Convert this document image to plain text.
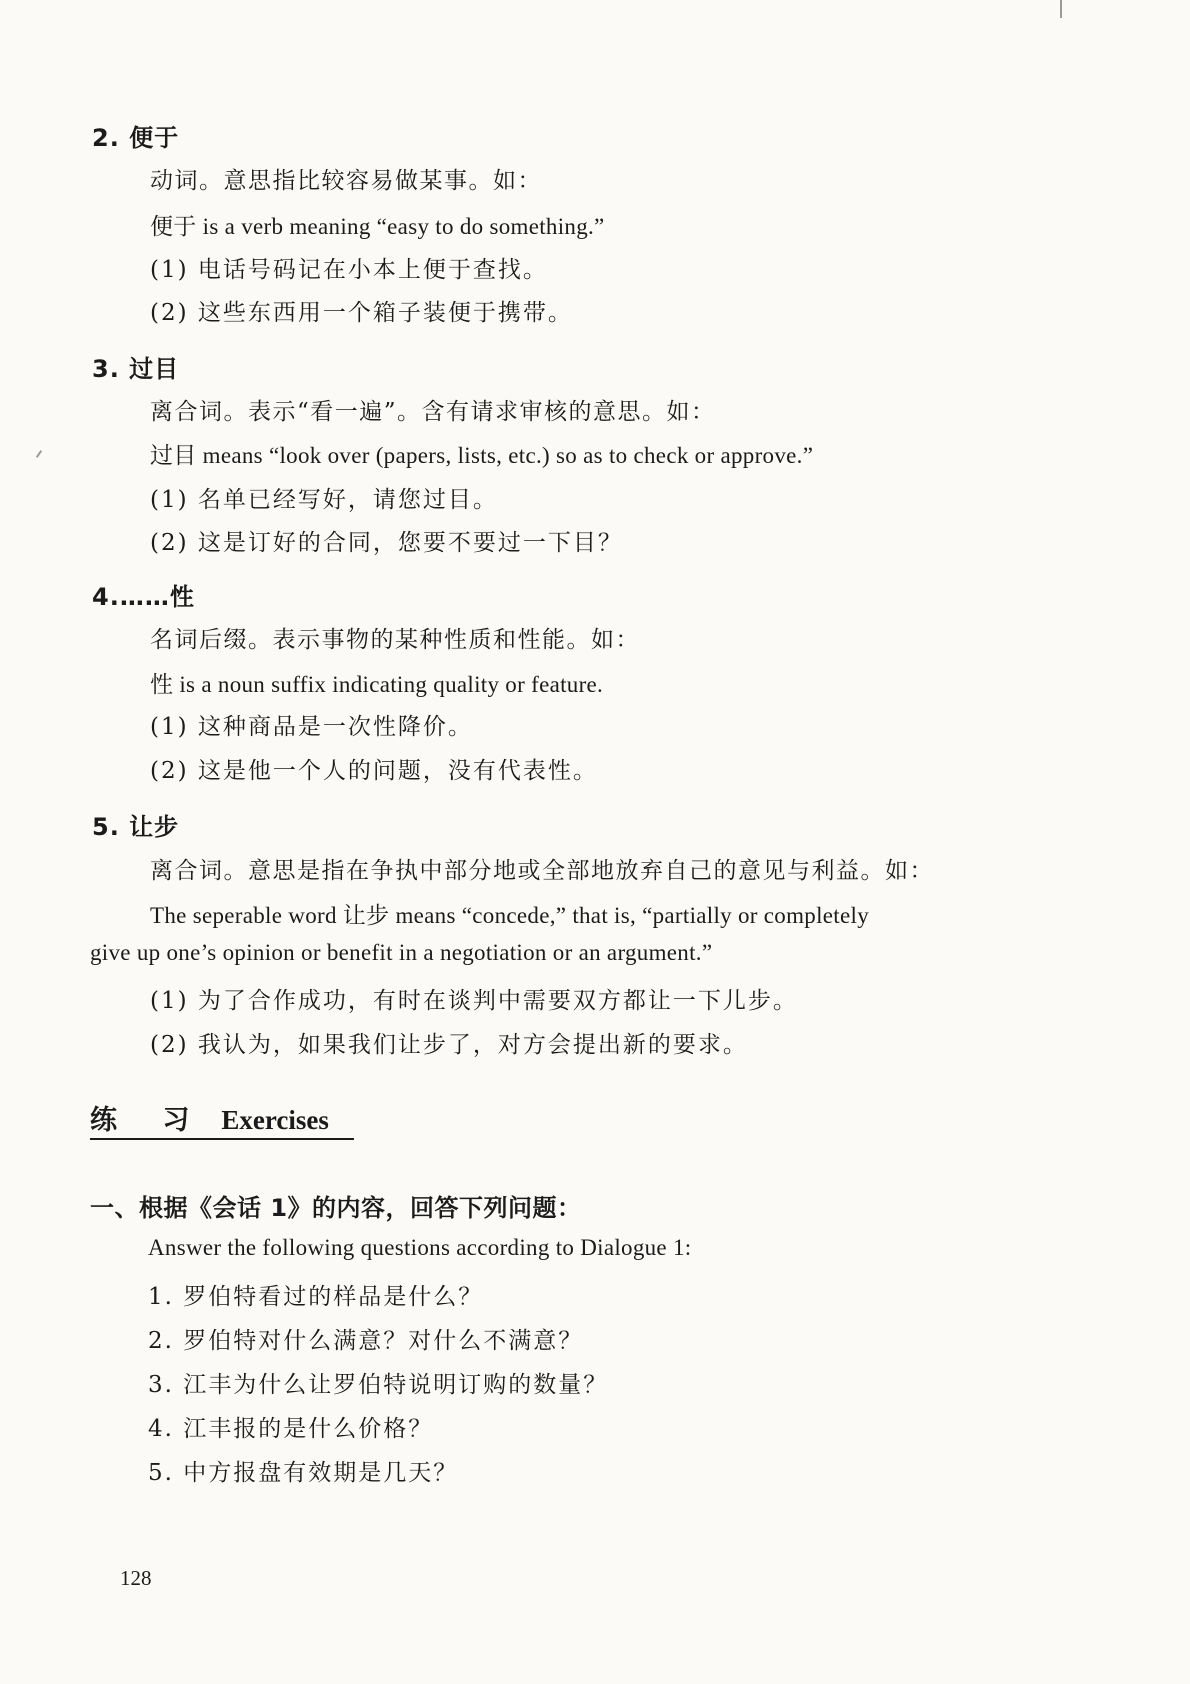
2. 便于
动词。意思指比较容易做某事。如：
便于 is a verb meaning “easy to do something.”
(1) 电话号码记在小本上便于查找。
(2) 这些东西用一个箱子装便于携带。
3. 过目
离合词。表示“看一遍”。含有请求审核的意思。如：
过目 means “look over (papers, lists, etc.) so as to check or approve.”
(1) 名单已经写好，请您过目。
(2) 这是订好的合同，您要不要过一下目？
4.……性
名词后缀。表示事物的某种性质和性能。如：
性 is a noun suffix indicating quality or feature.
(1) 这种商品是一次性降价。
(2) 这是他一个人的问题，没有代表性。
5. 让步
离合词。意思是指在争执中部分地或全部地放弃自己的意见与利益。如：
The seperable word 让步 means “concede,” that is, “partially or completely
give up one’s opinion or benefit in a negotiation or an argument.”
(1) 为了合作成功，有时在谈判中需要双方都让一下儿步。
(2) 我认为，如果我们让步了，对方会提出新的要求。
练 习 Exercises
一、根据《会话 1》的内容，回答下列问题：
Answer the following questions according to Dialogue 1:
1. 罗伯特看过的样品是什么？
2. 罗伯特对什么满意？对什么不满意？
3. 江丰为什么让罗伯特说明订购的数量？
4. 江丰报的是什么价格？
5. 中方报盘有效期是几天？
128
